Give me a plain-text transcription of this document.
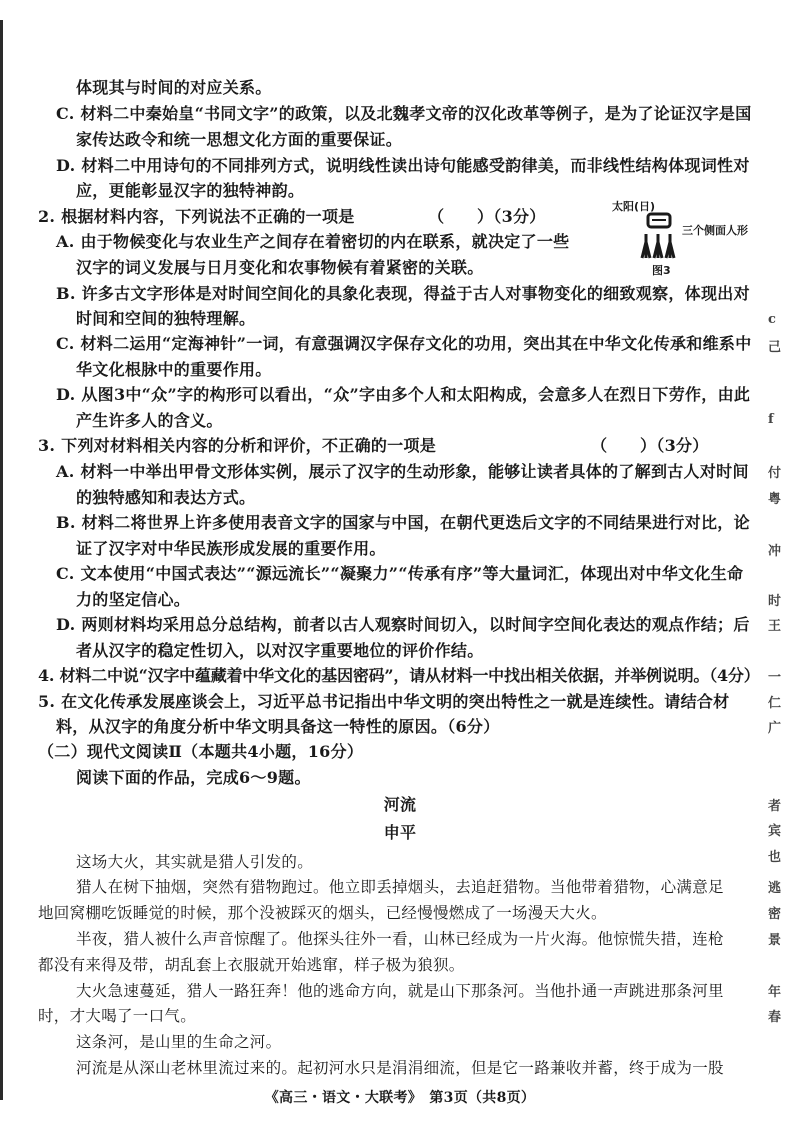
体现其与时间的对应关系。
C. 材料二中秦始皇“书同文字”的政策，以及北魏孝文帝的汉化改革等例子，是为了论证汉字是国
家传达政令和统一思想文化方面的重要保证。
D. 材料二中用诗句的不同排列方式，说明线性读出诗句能感受韵律美，而非线性结构体现词性对
应，更能彰显汉字的独特神韵。
2. 根据材料内容，下列说法不正确的一项是　　　　　（　　）（3分）
A. 由于物候变化与农业生产之间存在着密切的内在联系，就决定了一些
汉字的词义发展与日月变化和农事物候有着紧密的关联。
B. 许多古文字形体是对时间空间化的具象化表现，得益于古人对事物变化的细致观察，体现出对
时间和空间的独特理解。
C. 材料二运用“定海神针”一词，有意强调汉字保存文化的功用，突出其在中华文化传承和维系中
华文化根脉中的重要作用。
D. 从图3中“众”字的构形可以看出，“众”字由多个人和太阳构成，会意多人在烈日下劳作，由此
产生许多人的含义。
3. 下列对材料相关内容的分析和评价，不正确的一项是　　　　　　　　　　（　　）（3分）
A. 材料一中举出甲骨文形体实例，展示了汉字的生动形象，能够让读者具体的了解到古人对时间
的独特感知和表达方式。
B. 材料二将世界上许多使用表音文字的国家与中国，在朝代更迭后文字的不同结果进行对比，论
证了汉字对中华民族形成发展的重要作用。
C. 文本使用“中国式表达”“源远流长”“凝聚力”“传承有序”等大量词汇，体现出对中华文化生命
力的坚定信心。
D. 两则材料均采用总分总结构，前者以古人观察时间切入，以时间字空间化表达的观点作结；后
者从汉字的稳定性切入，以对汉字重要地位的评价作结。
4. 材料二中说“汉字中蕴藏着中华文化的基因密码”，请从材料一中找出相关依据，并举例说明。（4分）
5. 在文化传承发展座谈会上，习近平总书记指出中华文明的突出特性之一就是连续性。请结合材
料，从汉字的角度分析中华文明具备这一特性的原因。（6分）
（二）现代文阅读Ⅱ（本题共4小题，16分）
阅读下面的作品，完成6～9题。
河流
申平
这场大火，其实就是猎人引发的。
猎人在树下抽烟，突然有猎物跑过。他立即丢掉烟头，去追赶猎物。当他带着猎物，心满意足
地回窝棚吃饭睡觉的时候，那个没被踩灭的烟头，已经慢慢燃成了一场漫天大火。
半夜，猎人被什么声音惊醒了。他探头往外一看，山林已经成为一片火海。他惊慌失措，连枪
都没有来得及带，胡乱套上衣服就开始逃窜，样子极为狼狈。
大火急速蔓延，猎人一路狂奔！他的逃命方向，就是山下那条河。当他扑通一声跳进那条河里
时，才大喝了一口气。
这条河，是山里的生命之河。
河流是从深山老林里流过来的。起初河水只是涓涓细流，但是它一路兼收并蓄，终于成为一股
《高三・语文・大联考》　第3页（共8页）
太阳(日)
三个侧面人形
图3
c
己
f
付
粤
冲
时
王
一
仁
广
者
宾
也
逃
密
景
年
春
